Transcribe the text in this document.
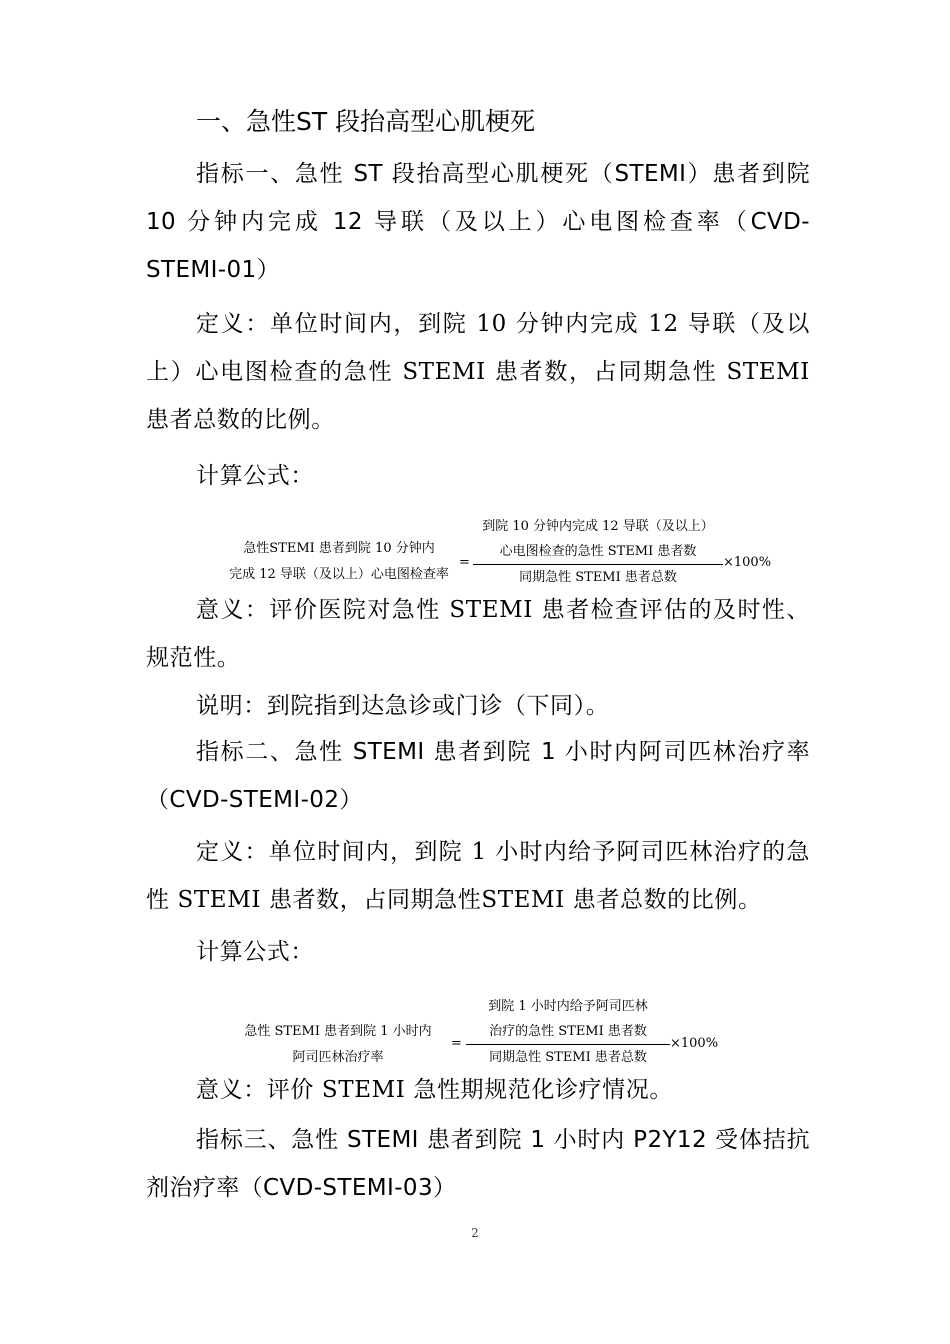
一、急性ST 段抬高型心肌梗死

指标一、急性 ST 段抬高型心肌梗死（STEMI）患者到院 10 分钟内完成 12 导联（及以上）心电图检查率（CVD-STEMI-01）

定义：单位时间内，到院 10 分钟内完成 12 导联（及以上）心电图检查的急性 STEMI 患者数，占同期急性 STEMI 患者总数的比例。

计算公式：

急性STEMI 患者到院 10 分钟内
完成 12 导联（及以上）心电图检查率
=
到院 10 分钟内完成 12 导联（及以上）
心电图检查的急性 STEMI 患者数
同期急性 STEMI 患者总数
×100%

意义：评价医院对急性 STEMI 患者检查评估的及时性、规范性。

说明：到院指到达急诊或门诊（下同）。

指标二、急性 STEMI 患者到院 1 小时内阿司匹林治疗率（CVD-STEMI-02）

定义：单位时间内，到院 1 小时内给予阿司匹林治疗的急性 STEMI 患者数，占同期急性STEMI 患者总数的比例。

计算公式：

急性 STEMI 患者到院 1 小时内
阿司匹林治疗率
=
到院 1 小时内给予阿司匹林
治疗的急性 STEMI 患者数
同期急性 STEMI 患者总数
×100%

意义：评价 STEMI 急性期规范化诊疗情况。

指标三、急性 STEMI 患者到院 1 小时内 P2Y12 受体拮抗剂治疗率（CVD-STEMI-03）

2
